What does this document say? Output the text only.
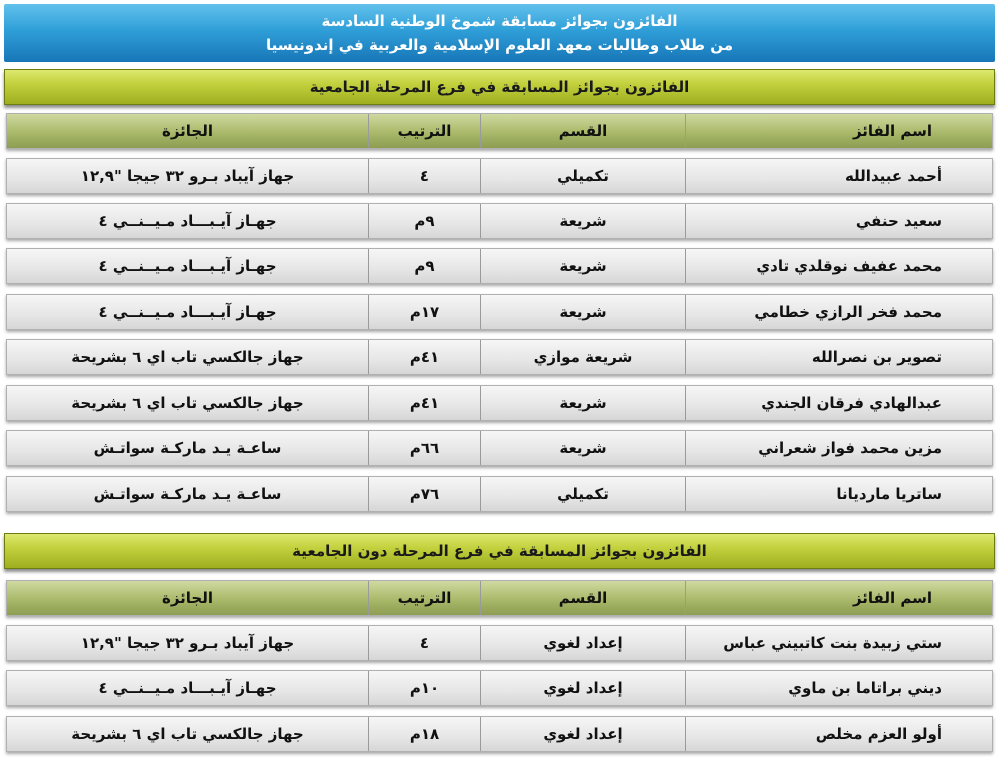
الفائزون بجوائز مسابقة شموخ الوطنية السادسة
من طلاب وطالبات معهد العلوم الإسلامية والعربية في إندونيسيا
الفائزون بجوائز المسابقة في فرع المرحلة الجامعية
اسم الفائز
القسم
الترتيب
الجائزة
أحمد عبيدالله
تكميلي
٤
جهاز آيباد بـرو ٣٢ جيجا "١٢,٩
سعيد حنفي
شريعة
٩م
جهـاز آيـبـــاد مـيــنــي ٤
محمد عفيف نوقلدي تادي
شريعة
٩م
جهـاز آيـبـــاد مـيــنــي ٤
محمد فخر الرازي خطامي
شريعة
١٧م
جهـاز آيـبـــاد مـيــنــي ٤
تصوير بن نصرالله
شريعة موازي
٤١م
جهاز جالكسي تاب اي ٦ بشريحة
عبدالهادي فرقان الجندي
شريعة
٤١م
جهاز جالكسي تاب اي ٦ بشريحة
مزين محمد فواز شعراني
شريعة
٦٦م
ساعـة يـد ماركـة سواتـش
ساتريا مارديانا
تكميلي
٧٦م
ساعـة يـد ماركـة سواتـش
الفائزون بجوائز المسابقة في فرع المرحلة دون الجامعية
اسم الفائز
القسم
الترتيب
الجائزة
ستي زبيدة بنت كاتبيني عباس
إعداد لغوي
٤
جهاز آيباد بـرو ٣٢ جيجا "١٢,٩
ديني براتاما بن ماوي
إعداد لغوي
١٠م
جهـاز آيـبـــاد مـيــنــي ٤
أولو العزم مخلص
إعداد لغوي
١٨م
جهاز جالكسي تاب اي ٦ بشريحة
